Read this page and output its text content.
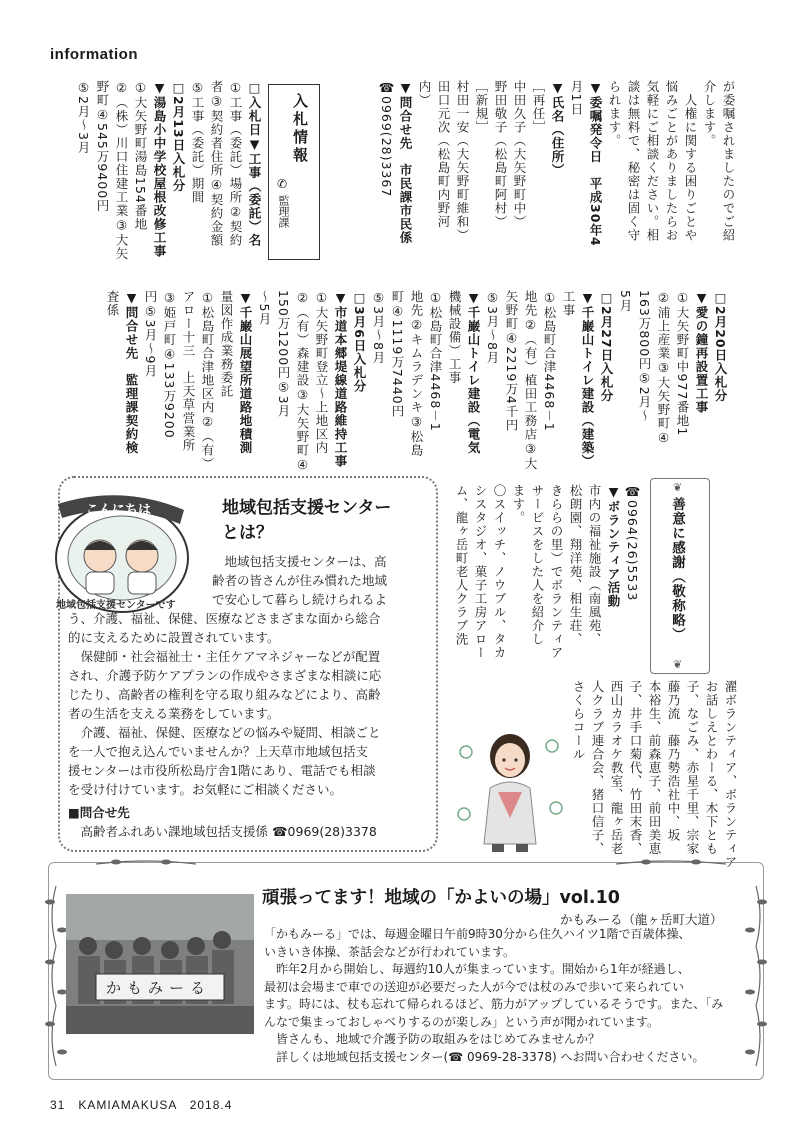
information

が委嘱されましたのでご紹

介します。

　人権に関する困りごとや

悩みごとがありましたらお

気軽にご相談ください。相

談は無料で、秘密は固く守

られます。

▼委嘱発令日　平成30年4

月1日

▼氏名（住所）

［再任］

中田久子（大矢野町中）

野田敬子（松島町阿村）

［新規］

村田一安（大矢野町維和）

田口元次（松島町内野河

内）

▼問合せ先　市民課市民係

☎0969(28)3367

入札情報
✆
監理課

□入札日▼工事（委託）名

①工事（委託）場所②契約

者③契約者住所④契約金額

⑤工事（委託）期間

□2月13日入札分

▼湯島小中学校屋根改修工事

①大矢野町湯島154番地

②（株）川口住建工業③大矢

野町④545万9400円

⑤2月～3月

□2月20日入札分

▼愛の鐘再設置工事

①大矢野町中977番地1

②浦上産業③大矢野町④

163万800円⑤2月～

5月

□2月27日入札分

▼千巌山トイレ建設（建築）

工事

①松島町合津4468－1

地先②（有）植田工務店③大

矢野町④2219万4千円

⑤3月～8月

▼千巌山トイレ建設（電気

機械設備）工事

①松島町合津4468－1

地先②キムラデンキ③松島

町④1119万7440円

⑤3月～8月

□3月6日入札分

▼市道本郷堤線道路維持工事

①大矢野町登立～上地区内

②（有）森建設③大矢野町④

150万1200円⑤3月

～5月

▼千巌山展望所道路地積測

量図作成業務委託

①松島町合津地区内②（有）

アロー十三　上天草営業所

③姫戸町④133万9200

円⑤3月～9月

▼問合せ先　監理課契約検

査係

☎0964(26)5533

▼ボランティア活動

市内の福祉施設（南風苑、

松朗園、翔洋苑、相生荘、

きららの里）でボランティア

サービスをした人を紹介し

ます。

〇スイッチ、ノウブル、タカ

シスタジオ、菓子工房アロー

ム、龍ヶ岳町老人クラブ洗	❦
善意に感謝（敬称略）
❦

濯ボランティア、ボランティア

お話しえとわーる、木下とも

子、なごみ、赤星千里、宗家

藤乃流　藤乃勢浩社中、坂

本裕生、前森恵子、前田美恵

子、井手口菊代、竹田末香、

西山カラオケ教室、龍ヶ岳老

人クラブ連合会、猪口信子、

さくらコール

こんにちは
地域包括支援センターです
地域包括支援センター
とは？

地域包括支援センターは、高

齢者の皆さんが住み慣れた地域

で安心して暮らし続けられるよ

う、介護、福祉、保健、医療などさまざまな面から総合

的に支えるために設置されています。

保健師・社会福祉士・主任ケアマネジャーなどが配置

され、介護予防ケアプランの作成やさまざまな相談に応

じたり、高齢者の権利を守る取り組みなどにより、高齢

者の生活を支える業務をしています。

介護、福祉、保健、医療などの悩みや疑問、相談ごと

を一人で抱え込んでいませんか？上天草市地域包括支

援センターは市役所松島庁舎1階にあり、電話でも相談

を受け付けています。お気軽にご相談ください。

■問合せ先

高齢者ふれあい課地域包括支援係 ☎0969(28)3378

頑張ってます！地域の「かよいの場」vol.10
かもみーる（龍ヶ岳町大道）
かもみーる

「かもみーる」では、毎週金曜日午前9時30分から住久ハイツ1階で百歳体操、

いきいき体操、茶話会などが行われています。

　昨年2月から開始し、毎週約10人が集まっています。開始から1年が経過し、

最初は会場まで車での送迎が必要だった人が今では杖のみで歩いて来られてい

ます。時には、杖も忘れて帰られるほど、筋力がアップしているそうです。また、「み

んなで集まっておしゃべりするのが楽しみ」という声が聞かれています。

　皆さんも、地域で介護予防の取組みをはじめてみませんか？

　詳しくは地域包括支援センター(☎ 0969-28-3378) へお問い合わせください。

31　KAMIAMAKUSA　2018.4
